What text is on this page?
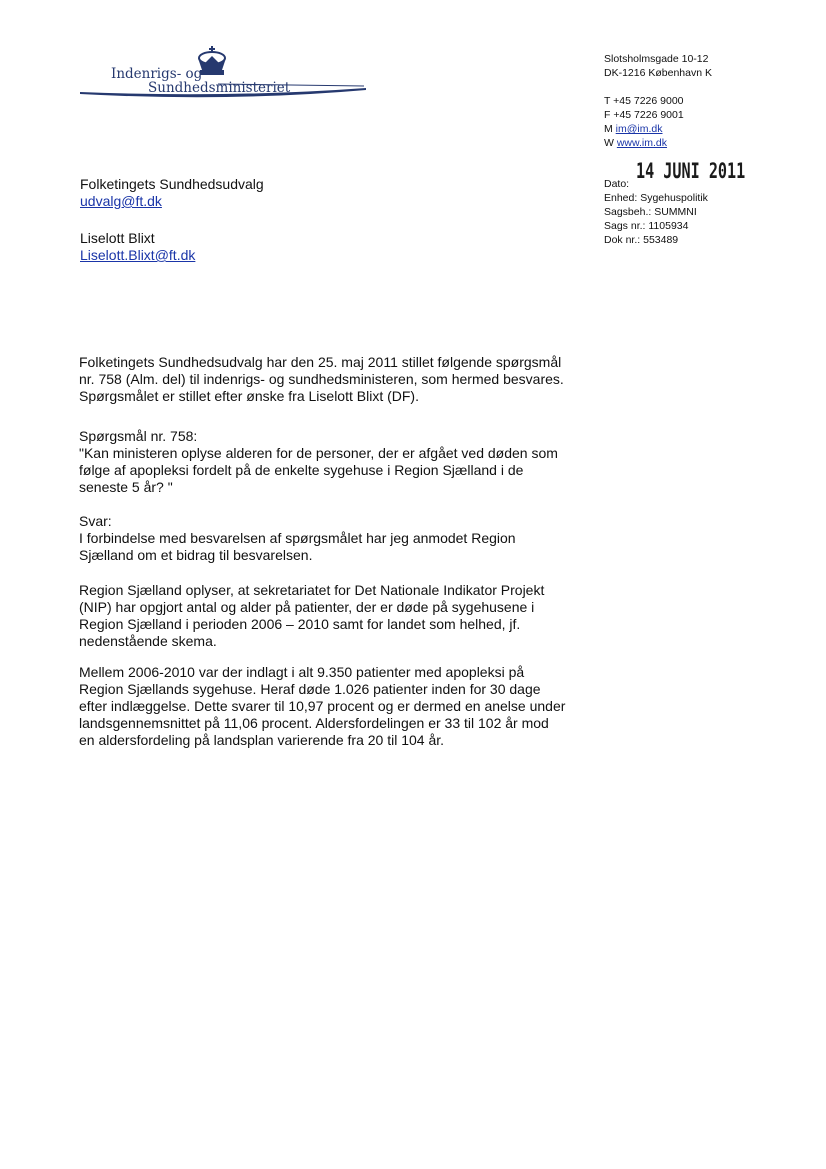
Indenrigs- og
Sundhedsministeriet
Slotsholmsgade 10-12
DK-1216 København K
T +45 7226 9000
F +45 7226 9001
M im@im.dk
W www.im.dk
Dato:
14 JUNI 2011
Enhed: Sygehuspolitik
Sagsbeh.: SUMMNI
Sags nr.: 1105934
Dok nr.: 553489
Folketingets Sundhedsudvalg
udvalg@ft.dk
Liselott Blixt
Liselott.Blixt@ft.dk

Folketingets Sundhedsudvalg har den 25. maj 2011 stillet følgende spørgsmål

nr. 758 (Alm. del) til indenrigs- og sundhedsministeren, som hermed besvares.

Spørgsmålet er stillet efter ønske fra Liselott Blixt (DF).

Spørgsmål nr. 758:

"Kan ministeren oplyse alderen for de personer, der er afgået ved døden som

følge af apopleksi fordelt på de enkelte sygehuse i Region Sjælland i de

seneste 5 år? "

Svar:

I forbindelse med besvarelsen af spørgsmålet har jeg anmodet Region

Sjælland om et bidrag til besvarelsen.

Region Sjælland oplyser, at sekretariatet for Det Nationale Indikator Projekt

(NIP) har opgjort antal og alder på patienter, der er døde på sygehusene i

Region Sjælland i perioden 2006 – 2010 samt for landet som helhed, jf.

nedenstående skema.

Mellem 2006-2010 var der indlagt i alt 9.350 patienter med apopleksi på

Region Sjællands sygehuse. Heraf døde 1.026 patienter inden for 30 dage

efter indlæggelse. Dette svarer til 10,97 procent og er dermed en anelse under

landsgennemsnittet på 11,06 procent. Aldersfordelingen er 33 til 102 år mod

en aldersfordeling på landsplan varierende fra 20 til 104 år.
